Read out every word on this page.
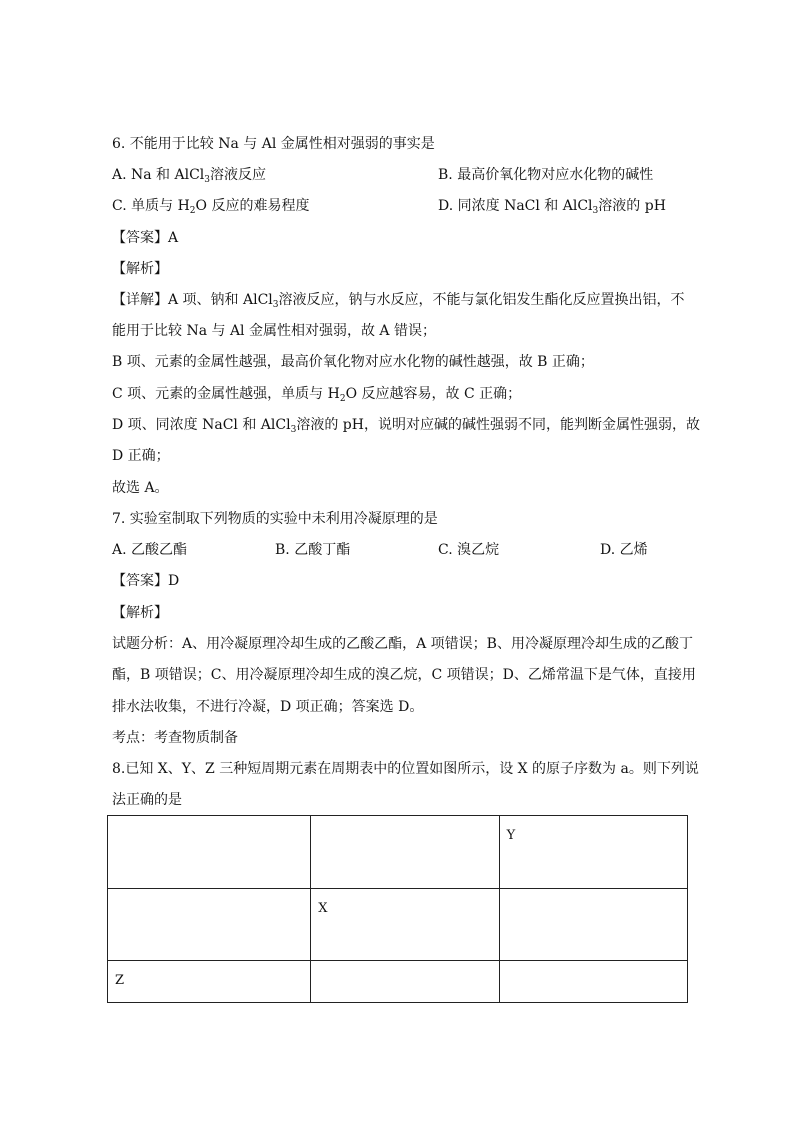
6. 不能用于比较 Na 与 Al 金属性相对强弱的事实是
A. Na 和 AlCl$_3$溶液反应	B. 最高价氧化物对应水化物的碱性
C. 单质与 $H_2O$ 反应的难易程度	D. 同浓度 NaCl 和 AlCl$_3$溶液的 pH
【答案】A
【解析】
【详解】A 项、钠和 AlCl$_3$溶液反应，钠与水反应，不能与氯化铝发生酯化反应置换出铝，不
能用于比较 Na 与 Al 金属性相对强弱，故 A 错误；
B 项、元素的金属性越强，最高价氧化物对应水化物的碱性越强，故 B 正确；
C 项、元素的金属性越强，单质与 $H_2O$ 反应越容易，故 C 正确；
D 项、同浓度 NaCl 和 AlCl$_3$溶液的 pH，说明对应碱的碱性强弱不同，能判断金属性强弱，故
D 正确；
故选 A。
7. 实验室制取下列物质的实验中未利用冷凝原理的是
A. 乙酸乙酯	B. 乙酸丁酯	C. 溴乙烷	D. 乙烯
【答案】D
【解析】
试题分析：A、用冷凝原理冷却生成的乙酸乙酯，A 项错误；B、用冷凝原理冷却生成的乙酸丁
酯，B 项错误；C、用冷凝原理冷却生成的溴乙烷，C 项错误；D、乙烯常温下是气体，直接用
排水法收集，不进行冷凝，D 项正确；答案选 D。
考点：考查物质制备
8.已知 X、Y、Z 三种短周期元素在周期表中的位置如图所示，设 X 的原子序数为 a。则下列说
法正确的是
		Y
	X	
Z		
